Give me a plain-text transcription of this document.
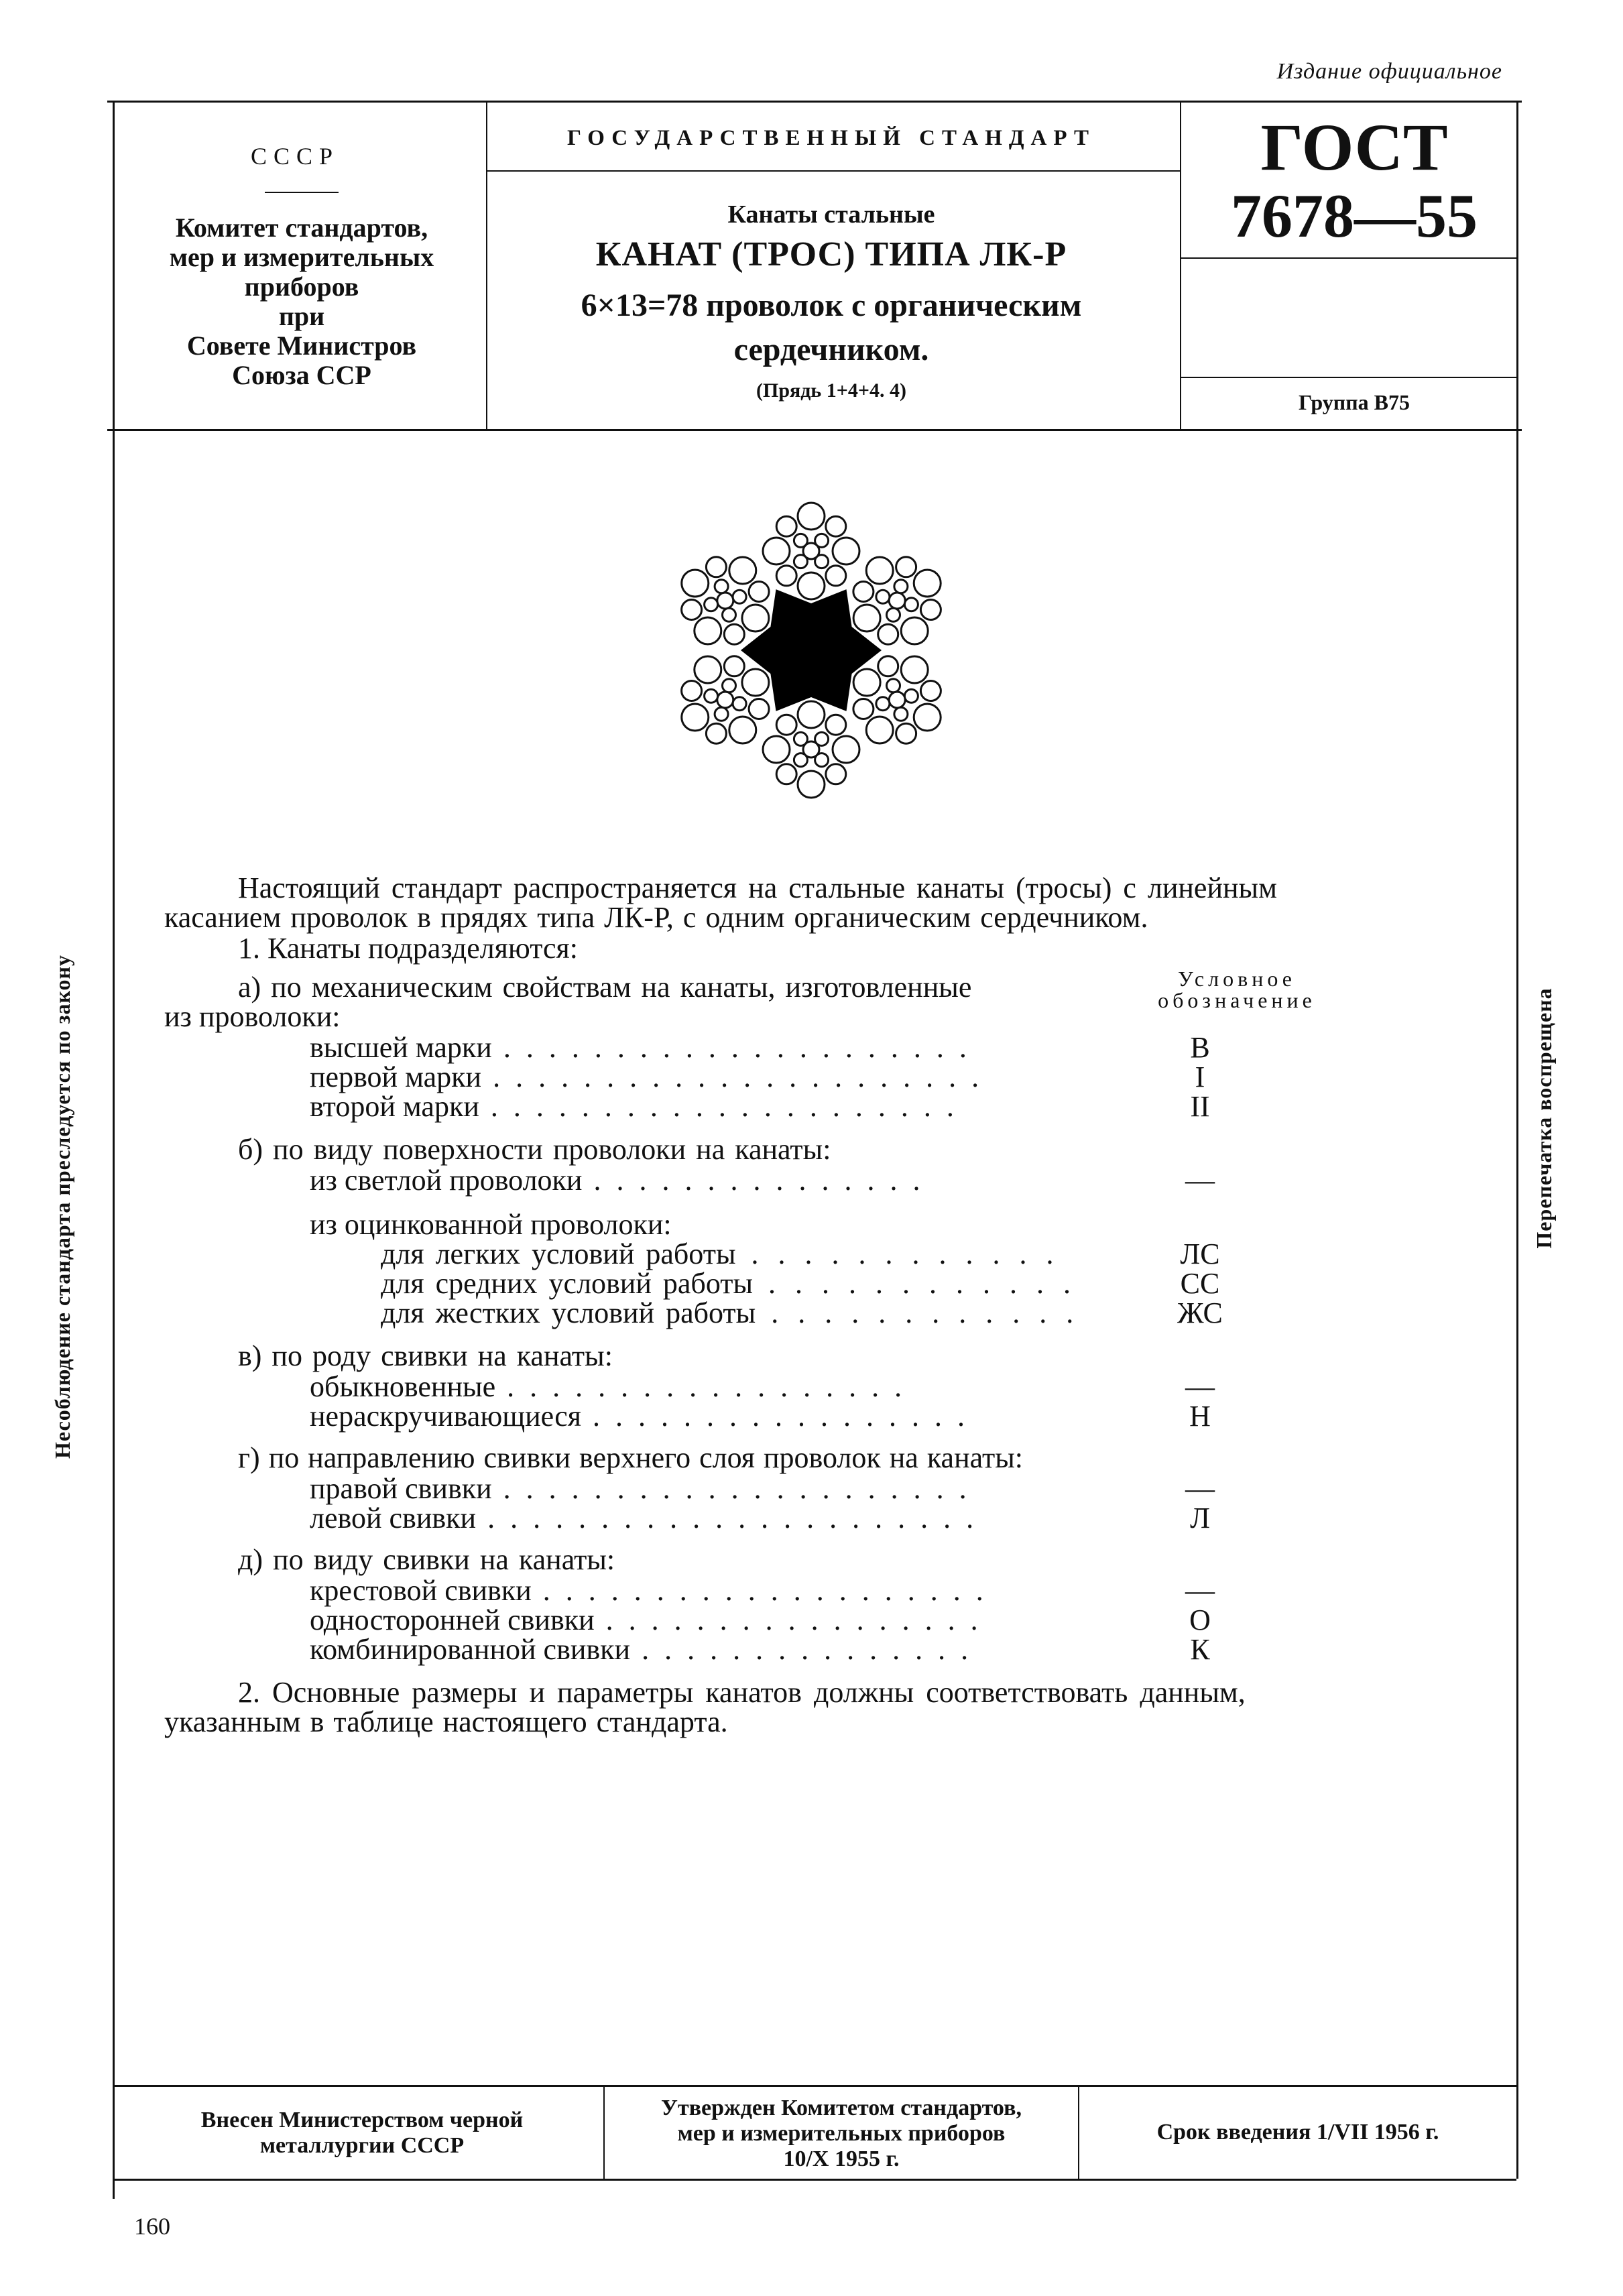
Издание официальное
СССР
Комитет стандартов,
мер и измерительных
приборов
при
Совете Министров
Союза ССР
ГОСУДАРСТВЕННЫЙ СТАНДАРТ
Канаты стальные
КАНАТ (ТРОС) ТИПА ЛК-Р
6×13=78 проволок с органическим
сердечником.
(Прядь 1+4+4. 4)
ГОСТ
7678—55
Группа В75
Несоблюдение стандарта преследуется по закону	Перепечатка воспрещена
Настоящий стандарт распространяется на стальные канаты (тросы) с линейным
касанием проволок в прядях типа ЛК-Р, с одним органическим сердечником.
1. Канаты подразделяются:
Условное
обозначение
а) по механическим свойствам на канаты, изготовленные
из проволоки:
высшей марки . . . . . . . . . . . . . . . . . . . . .	В
первой марки . . . . . . . . . . . . . . . . . . . . . .	I
второй марки . . . . . . . . . . . . . . . . . . . . .	II
б) по виду поверхности проволоки на канаты:
из светлой проволоки . . . . . . . . . . . . . . .	—
из оцинкованной проволоки:
для легких условий работы . . . . . . . . . . . .	ЛС
для средних условий работы . . . . . . . . . . . .	СС
для жестких условий работы . . . . . . . . . . . .	ЖС
в) по роду свивки на канаты:
обыкновенные . . . . . . . . . . . . . . . . . .	—
нераскручивающиеся . . . . . . . . . . . . . . . . .	Н
г) по направлению свивки верхнего слоя проволок на канаты:
правой свивки . . . . . . . . . . . . . . . . . . . . .	—
левой свивки . . . . . . . . . . . . . . . . . . . . . .	Л
д) по виду свивки на канаты:
крестовой свивки . . . . . . . . . . . . . . . . . . . .	—
односторонней свивки . . . . . . . . . . . . . . . . .	О
комбинированной свивки . . . . . . . . . . . . . . .	К
2. Основные размеры и параметры канатов должны соответствовать данным,
указанным в таблице настоящего стандарта.
Внесен Министерством черной
металлургии СССР
Утвержден Комитетом стандартов,
мер и измерительных приборов
10/X 1955 г.
Срок введения 1/VII 1956 г.
160
